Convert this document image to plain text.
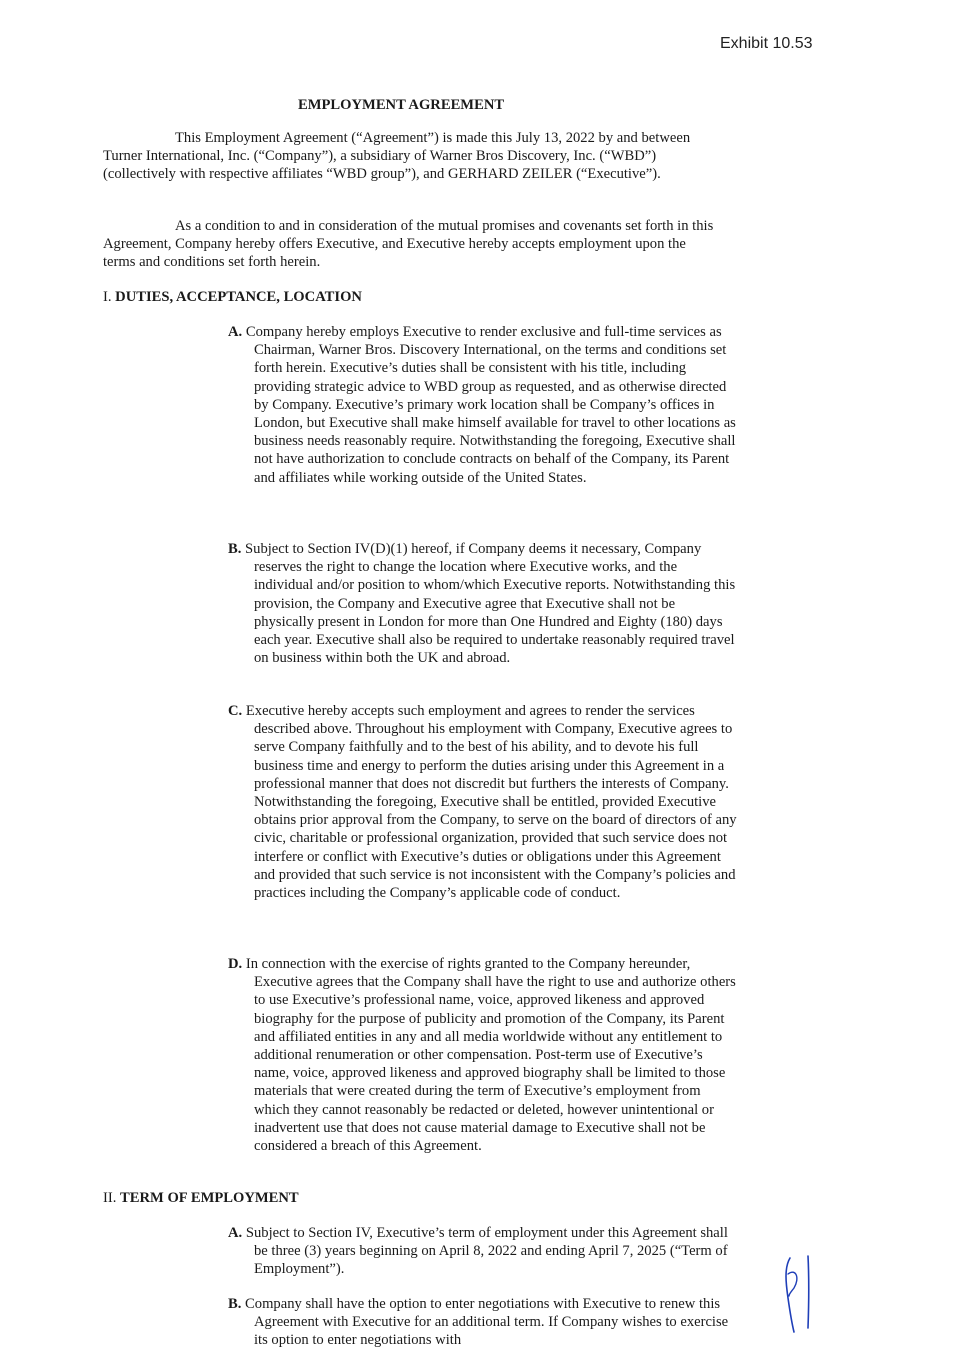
Exhibit 10.53
EMPLOYMENT AGREEMENT
This Employment Agreement (“Agreement”) is made this July 13, 2022 by and between Turner International, Inc. (“Company”), a subsidiary of Warner Bros Discovery, Inc. (“WBD”) (collectively with respective affiliates “WBD group”), and GERHARD ZEILER (“Executive”).
As a condition to and in consideration of the mutual promises and covenants set forth in this Agreement, Company hereby offers Executive, and Executive hereby accepts employment upon the terms and conditions set forth herein.
I. DUTIES, ACCEPTANCE, LOCATION
A. Company hereby employs Executive to render exclusive and full-time services as Chairman, Warner Bros. Discovery International, on the terms and conditions set forth herein. Executive’s duties shall be consistent with his title, including providing strategic advice to WBD group as requested, and as otherwise directed by Company. Executive’s primary work location shall be Company’s offices in London, but Executive shall make himself available for travel to other locations as business needs reasonably require. Notwithstanding the foregoing, Executive shall not have authorization to conclude contracts on behalf of the Company, its Parent and affiliates while working outside of the United States.
B. Subject to Section IV(D)(1) hereof, if Company deems it necessary, Company reserves the right to change the location where Executive works, and the individual and/or position to whom/which Executive reports. Notwithstanding this provision, the Company and Executive agree that Executive shall not be physically present in London for more than One Hundred and Eighty (180) days each year. Executive shall also be required to undertake reasonably required travel on business within both the UK and abroad.
C. Executive hereby accepts such employment and agrees to render the services described above. Throughout his employment with Company, Executive agrees to serve Company faithfully and to the best of his ability, and to devote his full business time and energy to perform the duties arising under this Agreement in a professional manner that does not discredit but furthers the interests of Company. Notwithstanding the foregoing, Executive shall be entitled, provided Executive obtains prior approval from the Company, to serve on the board of directors of any civic, charitable or professional organization, provided that such service does not interfere or conflict with Executive’s duties or obligations under this Agreement and provided that such service is not inconsistent with the Company’s policies and practices including the Company’s applicable code of conduct.
D. In connection with the exercise of rights granted to the Company hereunder, Executive agrees that the Company shall have the right to use and authorize others to use Executive’s professional name, voice, approved likeness and approved biography for the purpose of publicity and promotion of the Company, its Parent and affiliated entities in any and all media worldwide without any entitlement to additional renumeration or other compensation. Post-term use of Executive’s name, voice, approved likeness and approved biography shall be limited to those materials that were created during the term of Executive’s employment from which they cannot reasonably be redacted or deleted, however unintentional or inadvertent use that does not cause material damage to Executive shall not be considered a breach of this Agreement.
II. TERM OF EMPLOYMENT
A. Subject to Section IV, Executive’s term of employment under this Agreement shall be three (3) years beginning on April 8, 2022 and ending April 7, 2025 (“Term of Employment”).
B. Company shall have the option to enter negotiations with Executive to renew this Agreement with Executive for an additional term. If Company wishes to exercise its option to enter negotiations with
